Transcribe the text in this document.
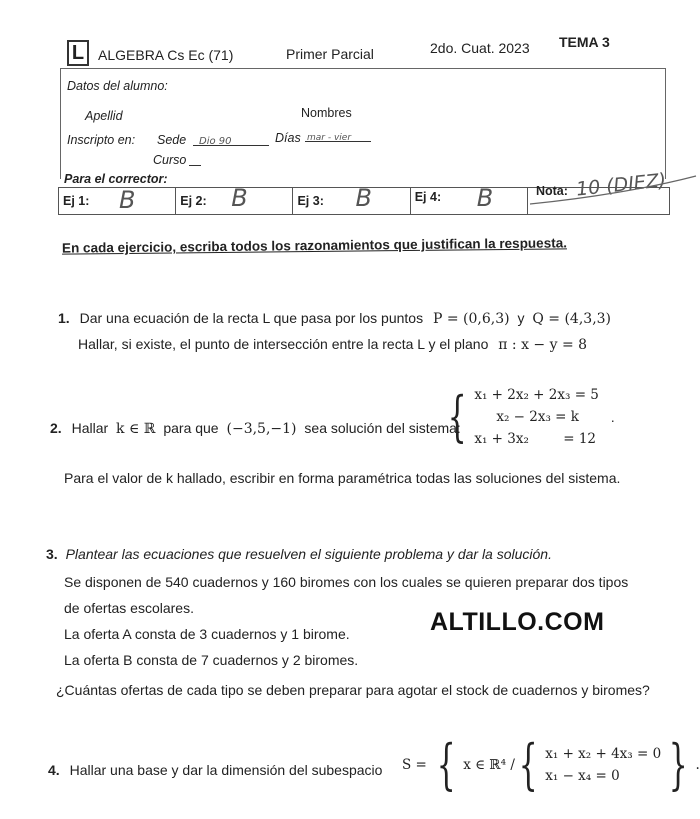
L ALGEBRA Cs Ec (71)	Primer Parcial	2do. Cuat. 2023 TEMA 3
Datos del alumno:
Apellid	Nombres
Inscripto en: Sede	Dio 90	Días mar - vier
Curso
Para el corrector:
Ej 1: B	Ej 2: B	Ej 3: B	Ej 4: B	Nota: 10 (DIEZ)
En cada ejercicio, escriba todos los razonamientos que justifican la respuesta.
1. Dar una ecuación de la recta L que pasa por los puntos P = (0,6,3) y Q = (4,3,3)
Hallar, si existe, el punto de intersección entre la recta L y el plano π : x − y = 8
2. Hallar k ∈ ℝ para que (−3,5,−1) sea solución del sistema:
{ x₁ + 2x₂ + 2x₃ = 5
x₂ − 2x₃ = k
x₁ + 3x₂        = 12
.
Para el valor de k hallado, escribir en forma paramétrica todas las soluciones del sistema.
3. Plantear las ecuaciones que resuelven el siguiente problema y dar la solución.
Se disponen de 540 cuadernos y 160 biromes con los cuales se quieren preparar dos tipos
de ofertas escolares.
La oferta A consta de 3 cuadernos y 1 birome.
La oferta B consta de 7 cuadernos y 2 biromes.
¿Cuántas ofertas de cada tipo se deben preparar para agotar el stock de cuadernos y biromes?
ALTILLO.COM
4. Hallar una base y dar la dimensión del subespacio S = { x ∈ ℝ⁴ / { x₁ + x₂ + 4x₃ = 0
x₁ − x₄ = 0 } .
